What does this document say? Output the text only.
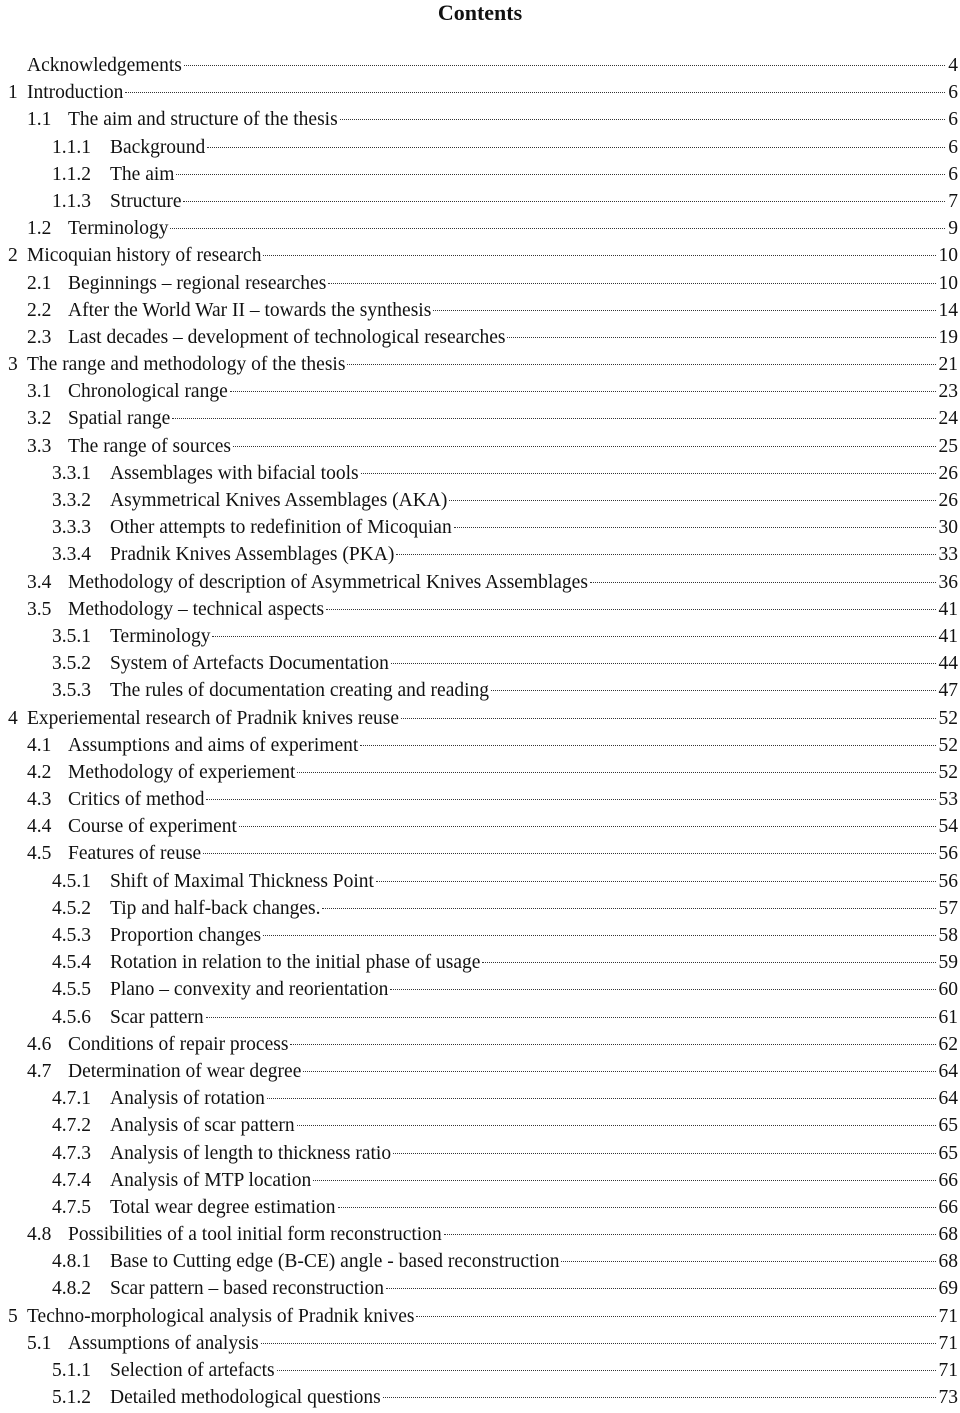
Contents
Acknowledgements	4
1 Introduction	6
1.1 The aim and structure of the thesis	6
1.1.1 Background	6
1.1.2 The aim	6
1.1.3 Structure	7
1.2 Terminology	9
2 Micoquian history of research	10
2.1 Beginnings – regional researches	10
2.2 After the World War II – towards the synthesis	14
2.3 Last decades – development of technological researches	19
3 The range and methodology of the thesis	21
3.1 Chronological range	23
3.2 Spatial range	24
3.3 The range of sources	25
3.3.1 Assemblages with bifacial tools	26
3.3.2 Asymmetrical Knives Assemblages (AKA)	26
3.3.3 Other attempts to redefinition of Micoquian	30
3.3.4 Pradnik Knives Assemblages (PKA)	33
3.4 Methodology of description of Asymmetrical Knives Assemblages	36
3.5 Methodology – technical aspects	41
3.5.1 Terminology	41
3.5.2 System of Artefacts Documentation	44
3.5.3 The rules of documentation creating and reading	47
4 Experiemental research of Pradnik knives reuse	52
4.1 Assumptions and aims of experiment	52
4.2 Methodology of experiement	52
4.3 Critics of method	53
4.4 Course of experiment	54
4.5 Features of reuse	56
4.5.1 Shift of Maximal Thickness Point	56
4.5.2 Tip and half-back changes.	57
4.5.3 Proportion changes	58
4.5.4 Rotation in relation to the initial phase of usage	59
4.5.5 Plano – convexity and reorientation	60
4.5.6 Scar pattern	61
4.6 Conditions of repair process	62
4.7 Determination of wear degree	64
4.7.1 Analysis of rotation	64
4.7.2 Analysis of scar pattern	65
4.7.3 Analysis of length to thickness ratio	65
4.7.4 Analysis of MTP location	66
4.7.5 Total wear degree estimation	66
4.8 Possibilities of a tool initial form reconstruction	68
4.8.1 Base to Cutting edge (B-CE) angle - based reconstruction	68
4.8.2 Scar pattern – based reconstruction	69
5 Techno-morphological analysis of Pradnik knives	71
5.1 Assumptions of analysis	71
5.1.1 Selection of artefacts	71
5.1.2 Detailed methodological questions	73
